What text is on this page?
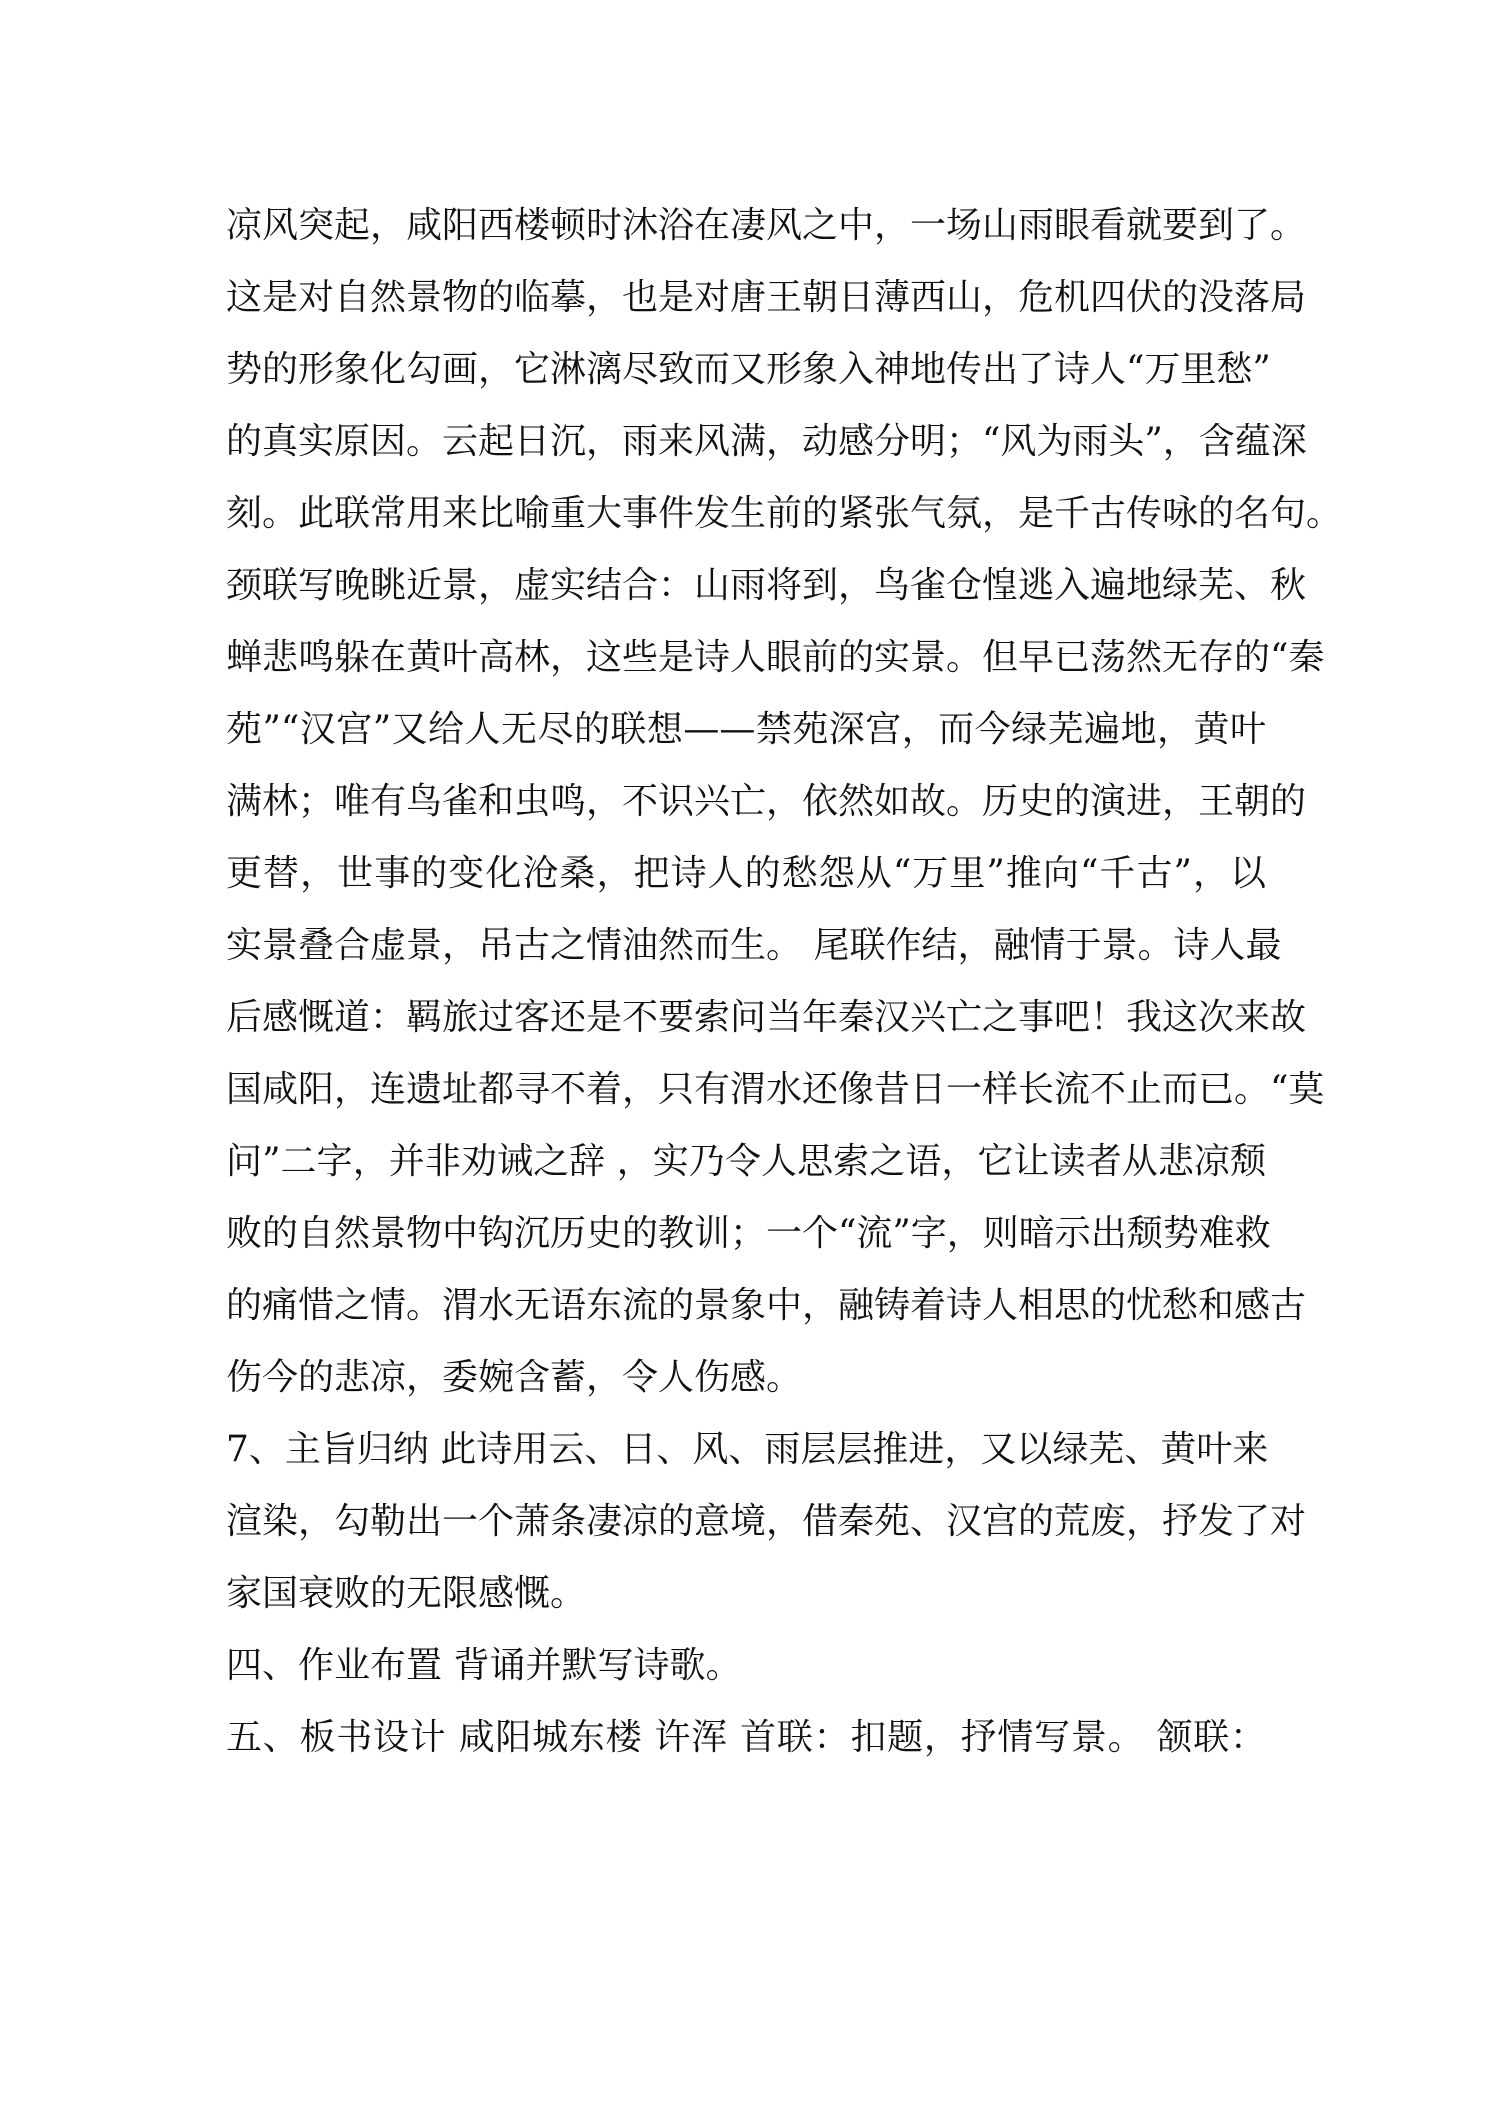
凉风突起，咸阳西楼顿时沐浴在凄风之中，一场山雨眼看就要到了。
这是对自然景物的临摹，也是对唐王朝日薄西山，危机四伏的没落局
势的形象化勾画，它淋漓尽致而又形象入神地传出了诗人“万里愁”
的真实原因。云起日沉，雨来风满，动感分明；“风为雨头”，含蕴深
刻。此联常用来比喻重大事件发生前的紧张气氛，是千古传咏的名句。
颈联写晚眺近景，虚实结合：山雨将到，鸟雀仓惶逃入遍地绿芜、秋
蝉悲鸣躲在黄叶高林，这些是诗人眼前的实景。但早已荡然无存的“秦
苑”“汉宫”又给人无尽的联想——禁苑深宫，而今绿芜遍地，黄叶
满林；唯有鸟雀和虫鸣，不识兴亡，依然如故。历史的演进，王朝的
更替，世事的变化沧桑，把诗人的愁怨从“万里”推向“千古”，以
实景叠合虚景，吊古之情油然而生。 尾联作结，融情于景。诗人最
后感慨道：羁旅过客还是不要索问当年秦汉兴亡之事吧！我这次来故
国咸阳，连遗址都寻不着，只有渭水还像昔日一样长流不止而已。“莫
问”二字，并非劝诫之辞 ，实乃令人思索之语，它让读者从悲凉颓
败的自然景物中钩沉历史的教训；一个“流”字，则暗示出颓势难救
的痛惜之情。渭水无语东流的景象中，融铸着诗人相思的忧愁和感古
伤今的悲凉，委婉含蓄，令人伤感。
7、主旨归纳 此诗用云、日、风、雨层层推进，又以绿芜、黄叶来
渲染，勾勒出一个萧条凄凉的意境，借秦苑、汉宫的荒废，抒发了对
家国衰败的无限感慨。
四、作业布置 背诵并默写诗歌。
五、板书设计 咸阳城东楼 许浑 首联：扣题，抒情写景。 颔联：
